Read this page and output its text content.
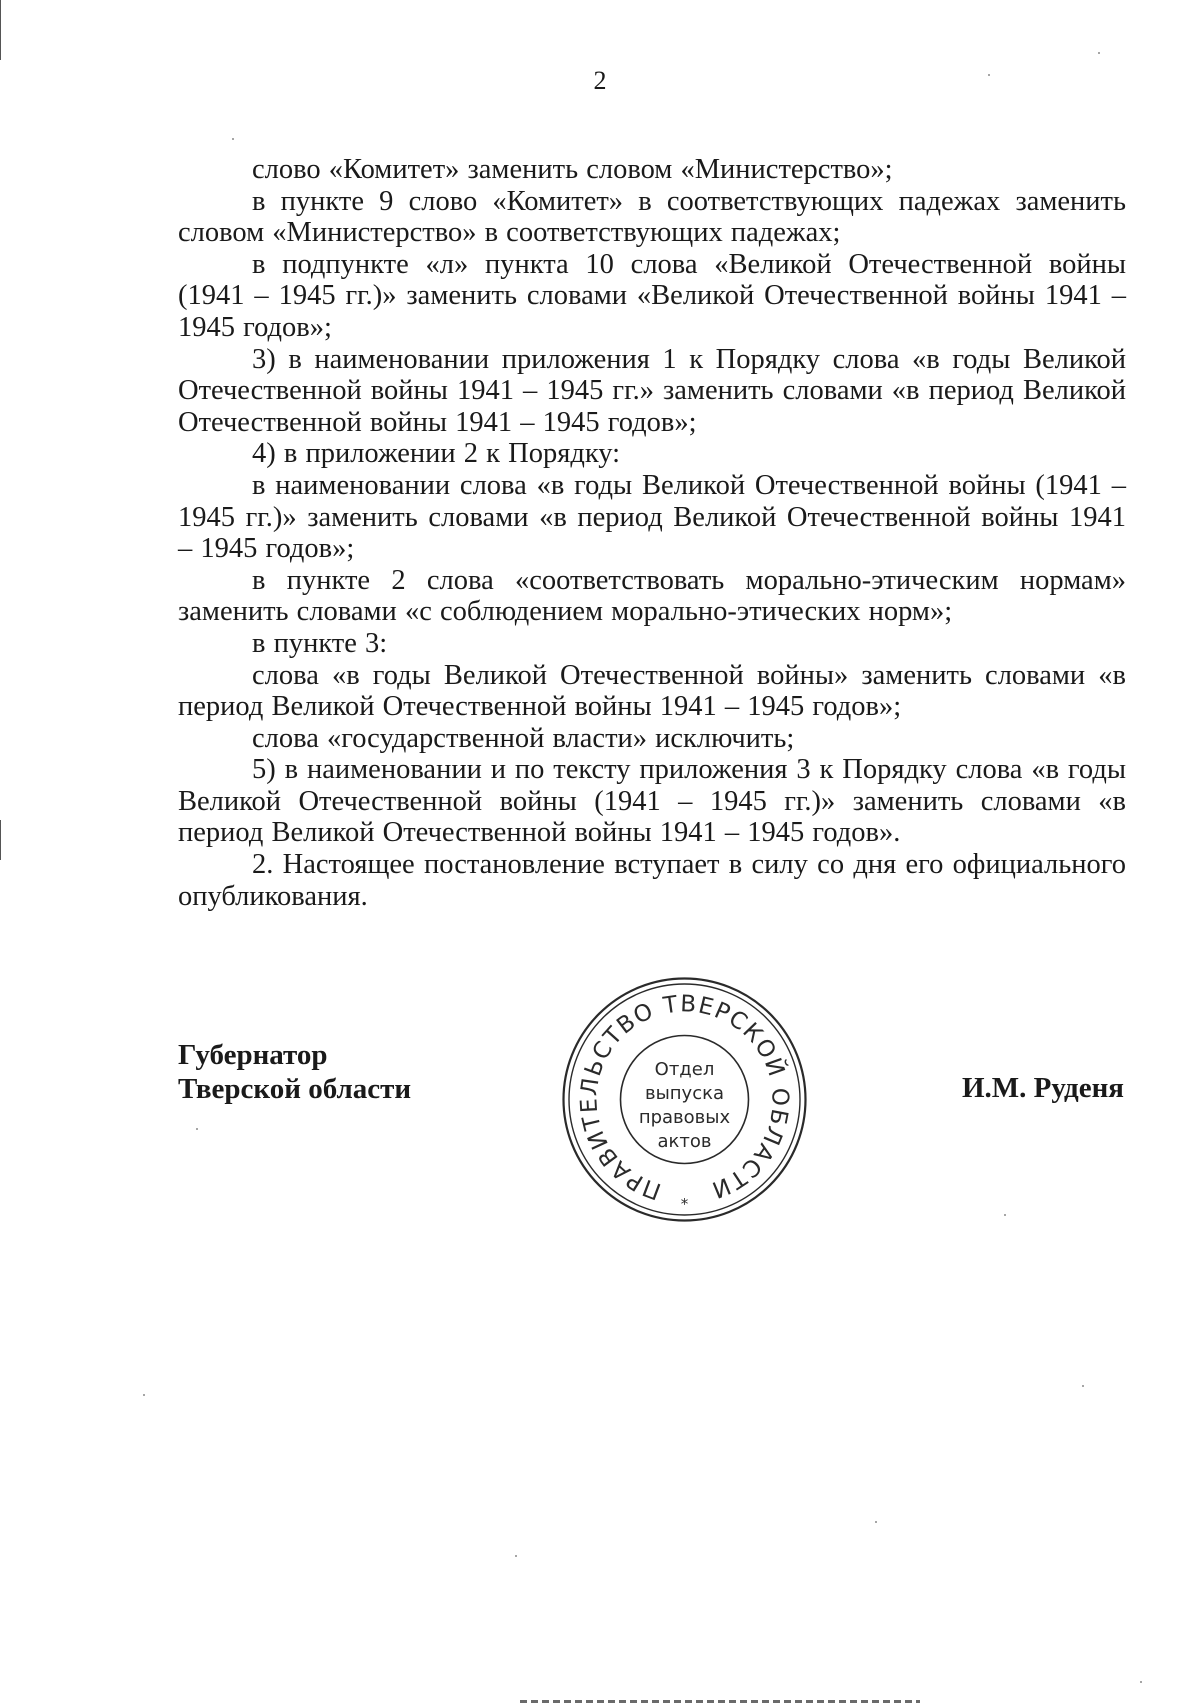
2

слово «Комитет» заменить словом «Министерство»;

в пункте 9 слово «Комитет» в соответствующих падежах заменить словом «Министерство» в соответствующих падежах;

в подпункте «л» пункта 10 слова «Великой Отечественной войны (1941 – 1945 гг.)» заменить словами «Великой Отечественной войны 1941 – 1945 годов»;

3) в наименовании приложения 1 к Порядку слова «в годы Великой Отечественной войны 1941 – 1945 гг.» заменить словами «в период Великой Отечественной войны 1941 – 1945 годов»;

4) в приложении 2 к Порядку:

в наименовании слова «в годы Великой Отечественной войны (1941 – 1945 гг.)» заменить словами «в период Великой Отечественной войны 1941 – 1945 годов»;

в пункте 2 слова «соответствовать морально-этическим нормам» заменить словами «с соблюдением морально-этических норм»;

в пункте 3:

слова «в годы Великой Отечественной войны» заменить словами «в период Великой Отечественной войны 1941 – 1945 годов»;

слова «государственной власти» исключить;

5) в наименовании и по тексту приложения 3 к Порядку слова «в годы Великой Отечественной войны (1941 – 1945 гг.)» заменить словами «в период Великой Отечественной войны 1941 – 1945 годов».

2. Настоящее постановление вступает в силу со дня его официального опубликования.

Губернатор
Тверской области	И.М. Руденя
ПРАВИТЕЛЬСТВО ТВЕРСКОЙ ОБЛАСТИ
Отдел
выпуска
правовых
актов
*
